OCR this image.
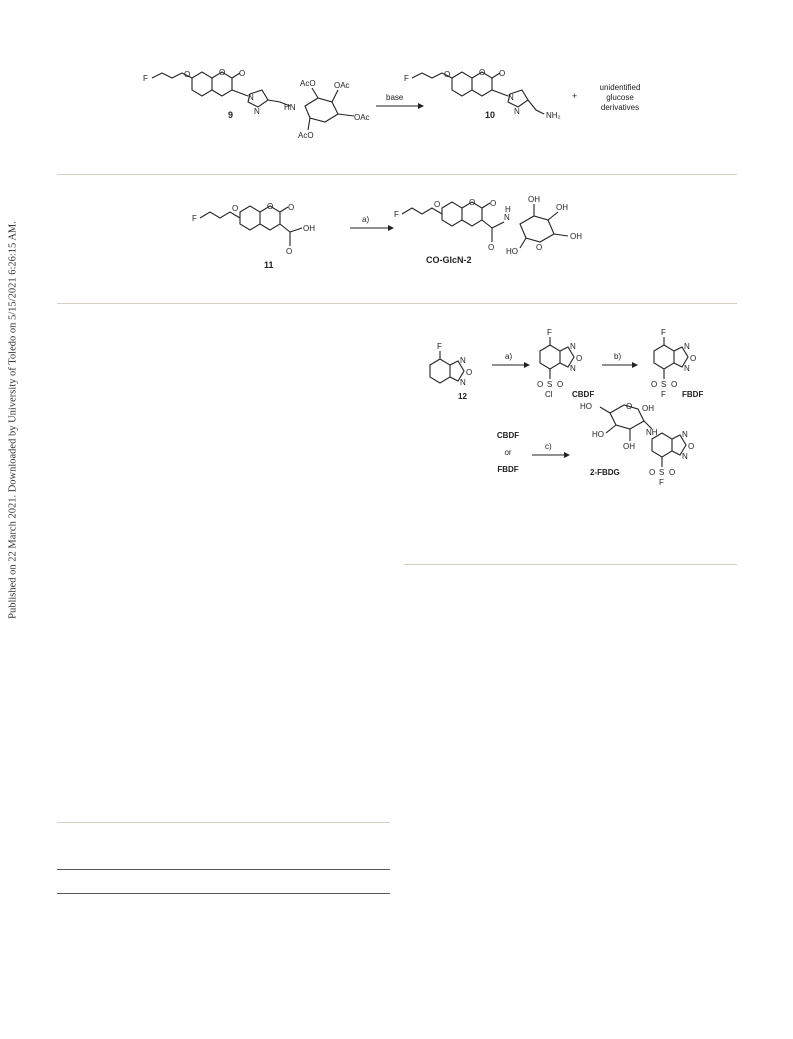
Published on 22 March 2021. Downloaded by University of Toledo on 5/15/2021 6:26:15 AM.
F	O	O O
N
N	HN
AcO OAc
OAc
AcO
9
base
F	O	O O
N
N	NH₂
10
+
unidentified
glucose
derivatives
F
O	O O
OH
O
11
a)
F
O	O O
O
N
H
OH
OH
OH
HO O
CO-GlcN-2
F
N
O
N
12
a)
F
N
O
N
O S O
Cl CBDF
b)
F
N
O
N
O S O
F FBDF
CBDF
or
FBDF
c)
HO	O OH
HO
OH
NH	N
O
N
O S O
F
2-FBDG
